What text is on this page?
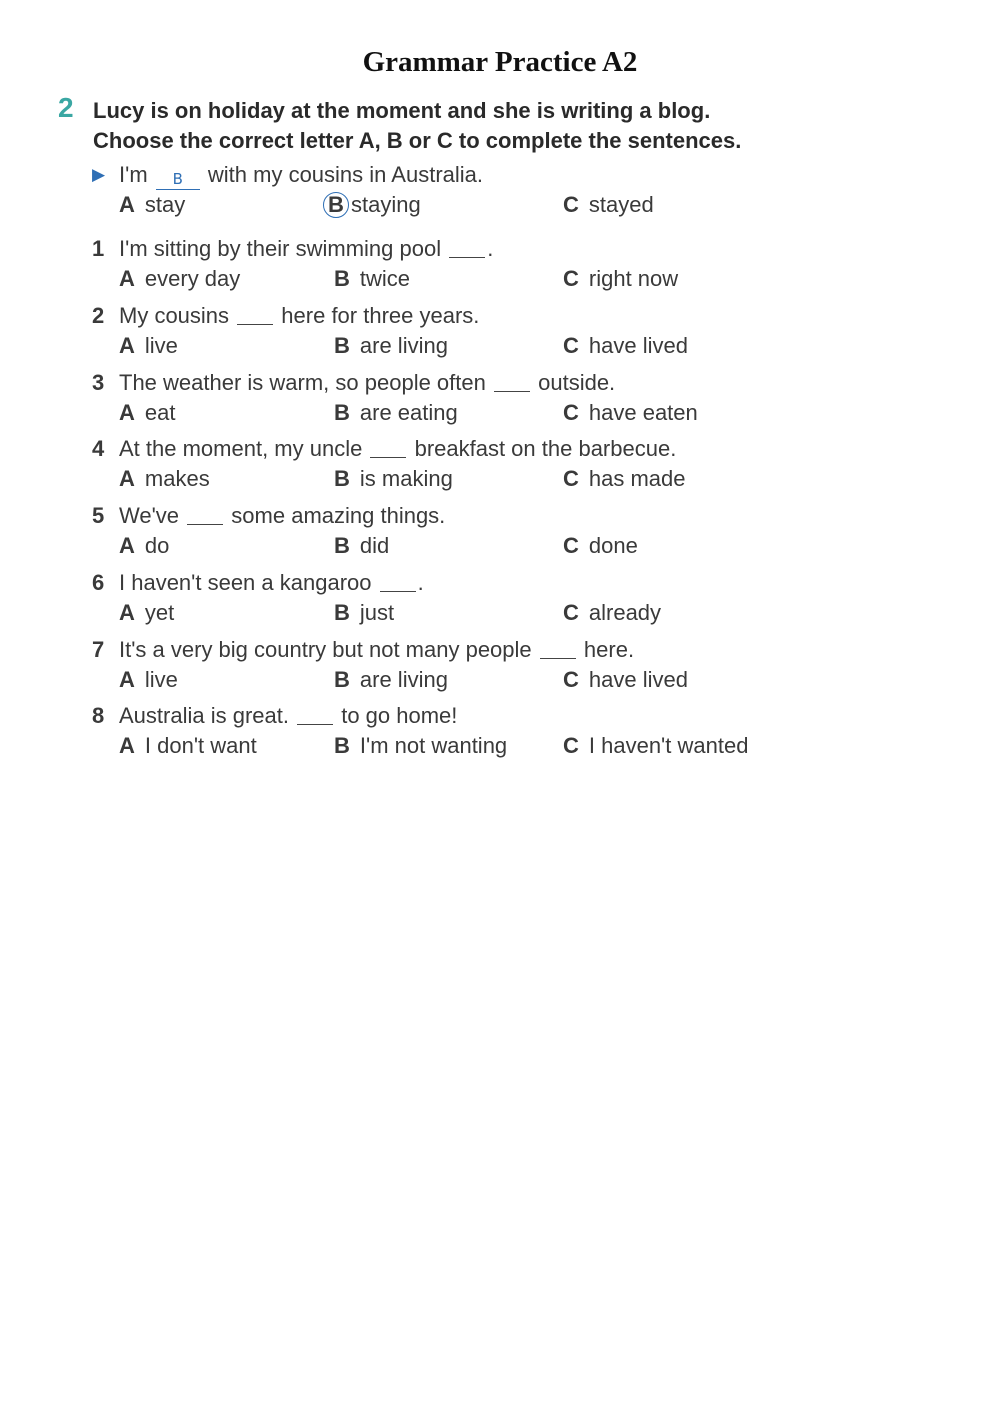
Grammar Practice A2
2 Lucy is on holiday at the moment and she is writing a blog.
Choose the correct letter A, B or C to complete the sentences.
▶ I'm B with my cousins in Australia.
A stay	B staying	C stayed
1 I'm sitting by their swimming pool .
A every day	B twice	C right now
2 My cousins here for three years.
A live	B are living	C have lived
3 The weather is warm, so people often outside.
A eat	B are eating	C have eaten
4 At the moment, my uncle breakfast on the barbecue.
A makes	B is making	C has made
5 We've some amazing things.
A do	B did	C done
6 I haven't seen a kangaroo .
A yet	B just	C already
7 It's a very big country but not many people here.
A live	B are living	C have lived
8 Australia is great. to go home!
A I don't want	B I'm not wanting	C I haven't wanted
